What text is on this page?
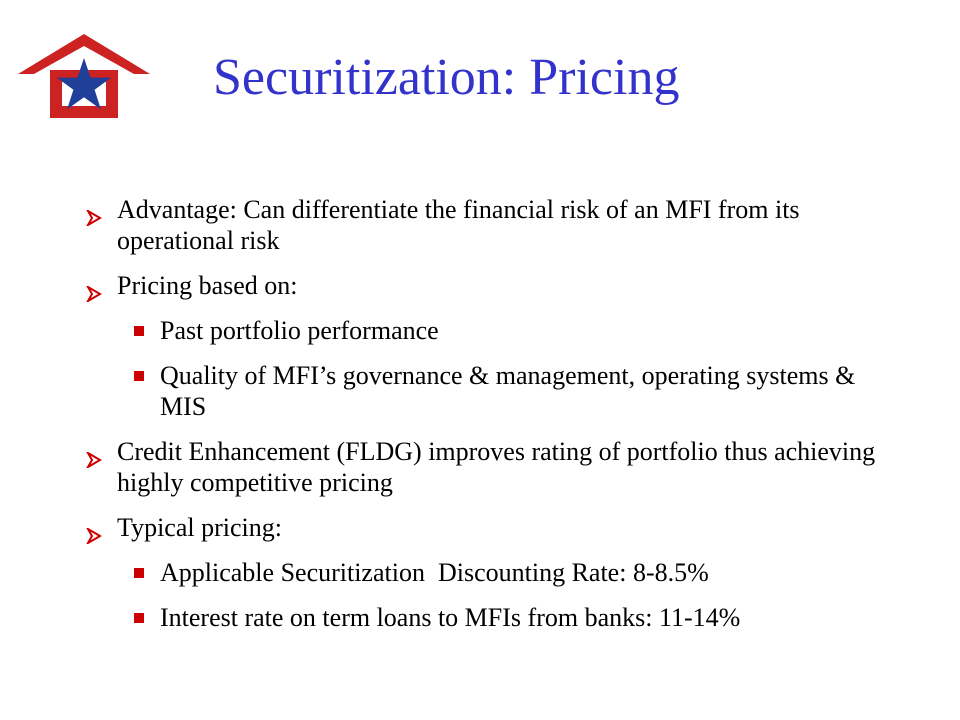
Securitization: Pricing
Advantage: Can differentiate the financial risk of an MFI from its operational risk
Pricing based on:
Past portfolio performance
Quality of MFI’s governance & management, operating systems & MIS
Credit Enhancement (FLDG) improves rating of portfolio thus achieving highly competitive pricing
Typical pricing:
Applicable Securitization  Discounting Rate: 8-8.5%
Interest rate on term loans to MFIs from banks: 11-14%
